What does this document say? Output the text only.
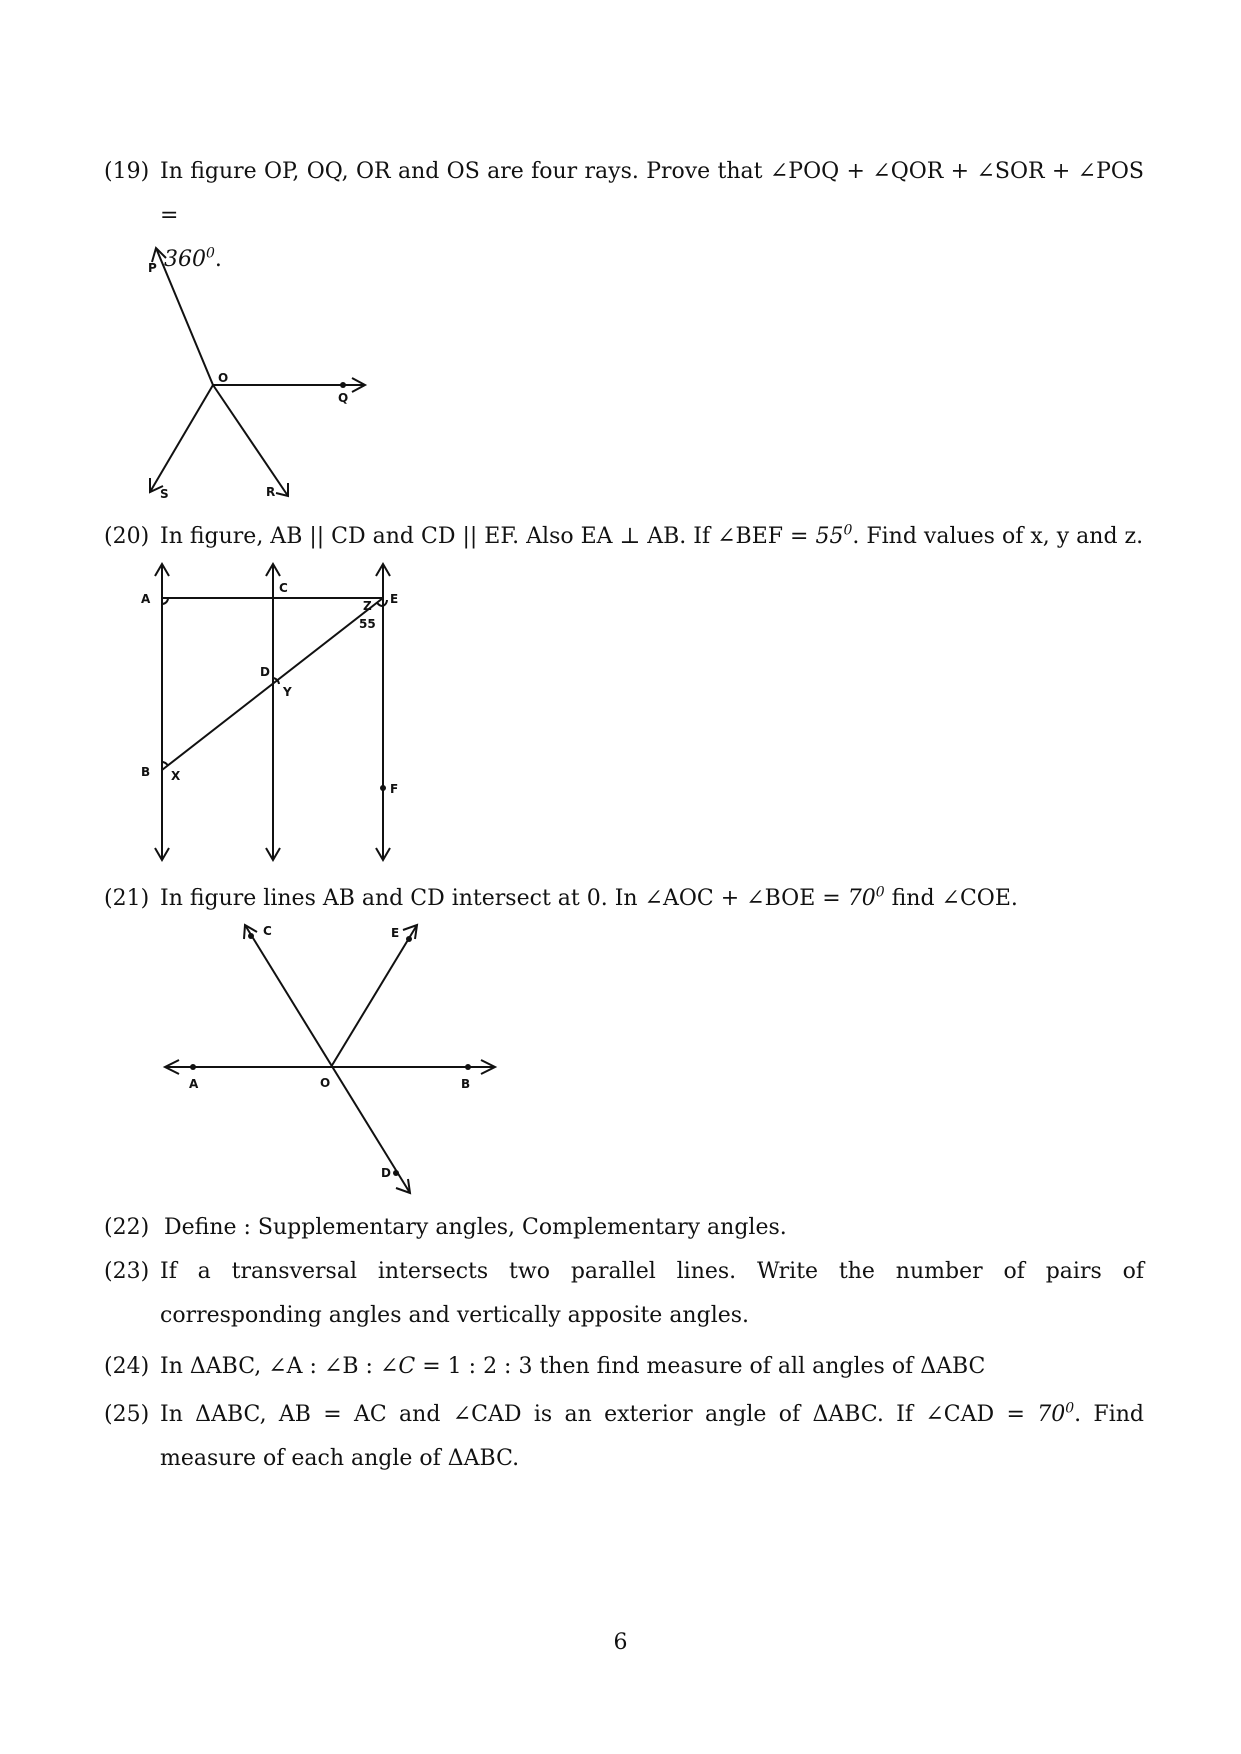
(19) In figure OP, OQ, OR and OS are four rays. Prove that ∠POQ + ∠QOR + ∠SOR + ∠POS =
$360^0$.
P
O
Q
S	R
(20) In figure, AB || CD and CD || EF. Also EA ⊥ AB. If ∠BEF = $55^0$. Find values of x, y and z.
A
C
E
Z
55
D
Y
B X
F
(21) In figure lines AB and CD intersect at 0. In ∠AOC + ∠BOE = $70^0$ find ∠COE.
C	E
A	O	B
D
(22) Define : Supplementary angles, Complementary angles.
(23) If a transversal intersects two parallel lines. Write the number of pairs of corresponding angles and vertically apposite angles.
(24) In ΔABC, ∠A : ∠B : ∠C = 1 : 2 : 3 then find measure of all angles of ΔABC
(25) In ΔABC, AB = AC and ∠CAD is an exterior angle of ΔABC. If ∠CAD = $70^0$. Find measure of each angle of ΔABC.
6
